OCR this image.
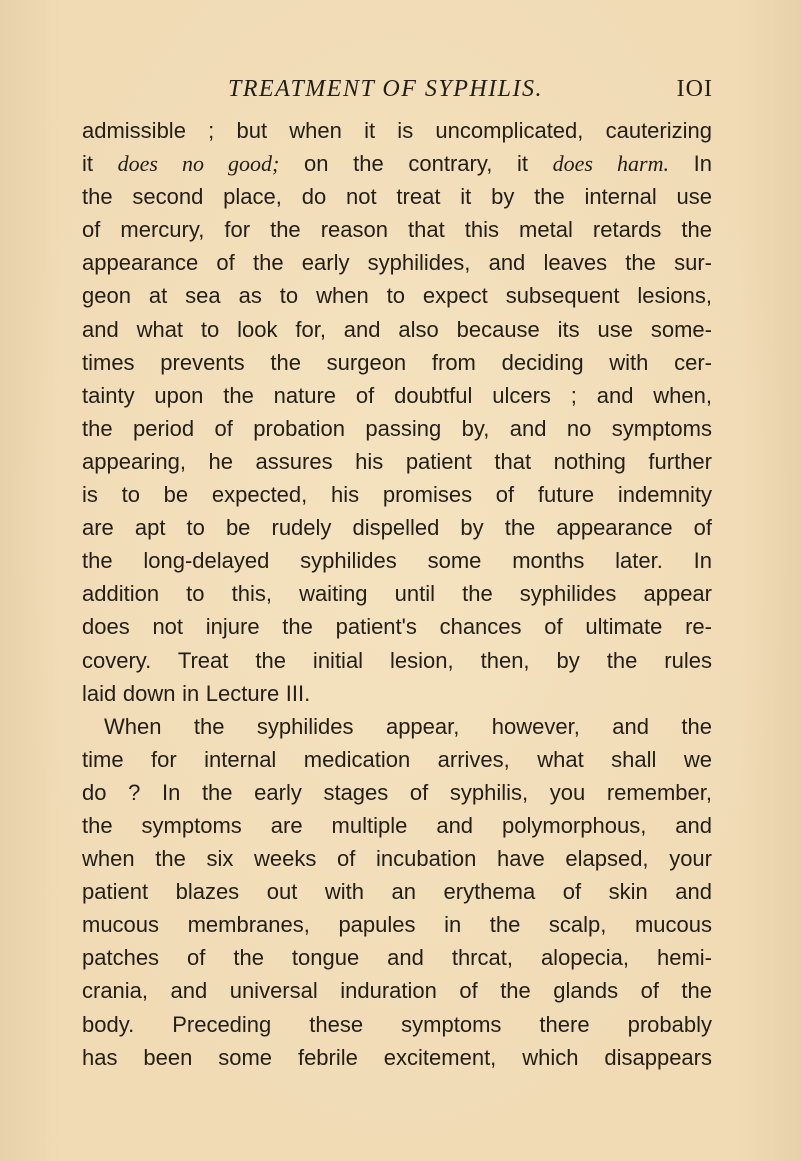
TREATMENT OF SYPHILIS.	IOI
admissible ; but when it is uncomplicated, cauterizing
it does no good; on the contrary, it does harm. In
the second place, do not treat it by the internal use
of mercury, for the reason that this metal retards the
appearance of the early syphilides, and leaves the sur-
geon at sea as to when to expect subsequent lesions,
and what to look for, and also because its use some-
times prevents the surgeon from deciding with cer-
tainty upon the nature of doubtful ulcers ; and when,
the period of probation passing by, and no symptoms
appearing, he assures his patient that nothing further
is to be expected, his promises of future indemnity
are apt to be rudely dispelled by the appearance of
the long-delayed syphilides some months later. In
addition to this, waiting until the syphilides appear
does not injure the patient's chances of ultimate re-
covery. Treat the initial lesion, then, by the rules
laid down in Lecture III.
When the syphilides appear, however, and the
time for internal medication arrives, what shall we
do ? In the early stages of syphilis, you remember,
the symptoms are multiple and polymorphous, and
when the six weeks of incubation have elapsed, your
patient blazes out with an erythema of skin and
mucous membranes, papules in the scalp, mucous
patches of the tongue and thrcat, alopecia, hemi-
crania, and universal induration of the glands of the
body. Preceding these symptoms there probably
has been some febrile excitement, which disappears
